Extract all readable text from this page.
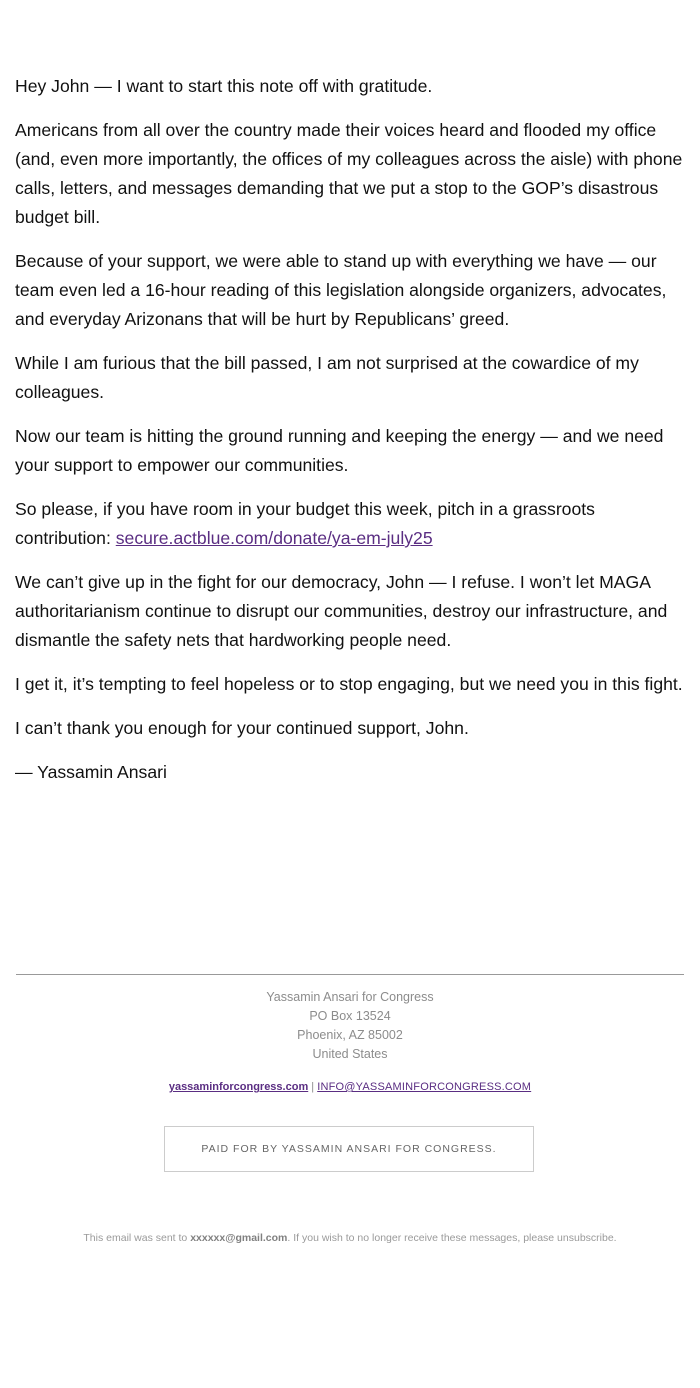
Hey John — I want to start this note off with gratitude.

Americans from all over the country made their voices heard and flooded my office (and, even more importantly, the offices of my colleagues across the aisle) with phone calls, letters, and messages demanding that we put a stop to the GOP’s disastrous budget bill.

Because of your support, we were able to stand up with everything we have — our team even led a 16-hour reading of this legislation alongside organizers, advocates, and everyday Arizonans that will be hurt by Republicans’ greed.

While I am furious that the bill passed, I am not surprised at the cowardice of my colleagues.

Now our team is hitting the ground running and keeping the energy — and we need your support to empower our communities.

So please, if you have room in your budget this week, pitch in a grassroots contribution: secure.actblue.com/donate/ya-em-july25

We can’t give up in the fight for our democracy, John — I refuse. I won’t let MAGA authoritarianism continue to disrupt our communities, destroy our infrastructure, and dismantle the safety nets that hardworking people need.

I get it, it’s tempting to feel hopeless or to stop engaging, but we need you in this fight.

I can’t thank you enough for your continued support, John.

— Yassamin Ansari

Yassamin Ansari for Congress
PO Box 13524
Phoenix, AZ 85002
United States
yassaminforcongress.com | INFO@YASSAMINFORCONGRESS.COM
PAID FOR BY YASSAMIN ANSARI FOR CONGRESS.
This email was sent to xxxxxx@gmail.com. If you wish to no longer receive these messages, please unsubscribe.
